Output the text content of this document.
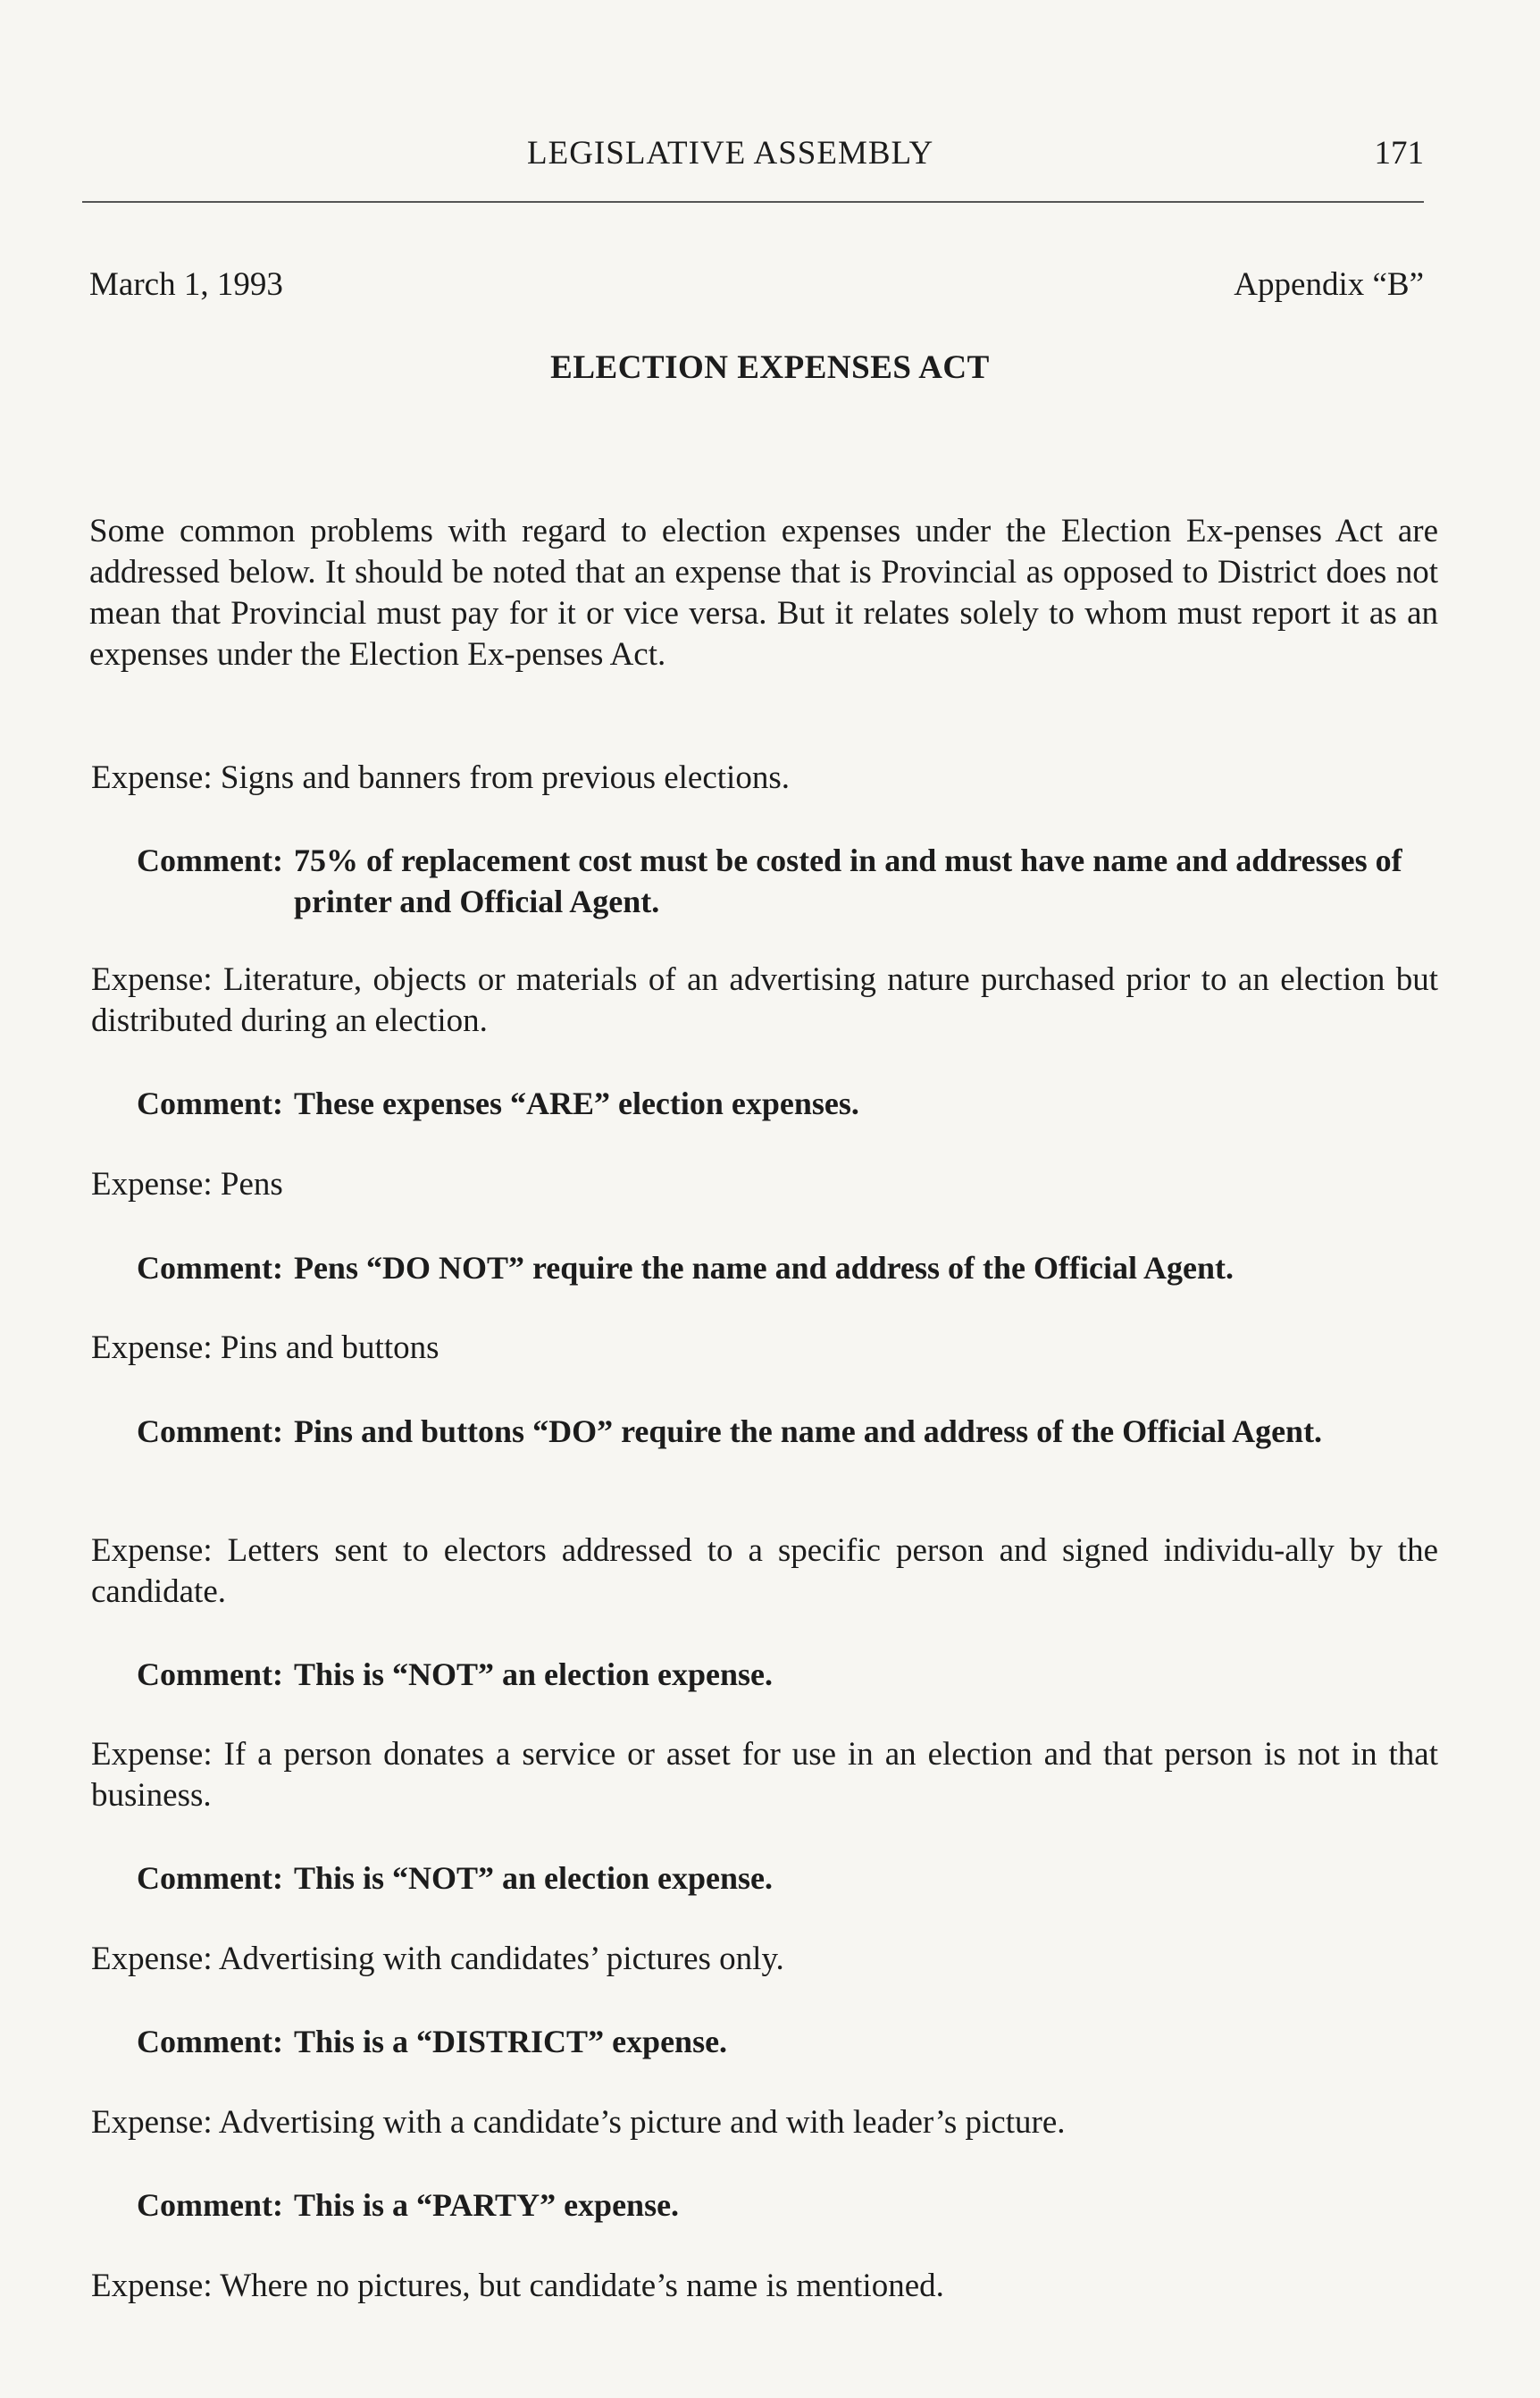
LEGISLATIVE ASSEMBLY	171
March 1, 1993	Appendix “B”
ELECTION EXPENSES ACT
Some common problems with regard to election expenses under the Election Ex-penses Act are addressed below. It should be noted that an expense that is Provincial as opposed to District does not mean that Provincial must pay for it or vice versa. But it relates solely to whom must report it as an expenses under the Election Ex-penses Act.
Expense: Signs and banners from previous elections.
Comment: 75% of replacement cost must be costed in and must have name and addresses of printer and Official Agent.
Expense: Literature, objects or materials of an advertising nature purchased prior to an election but distributed during an election.
Comment: These expenses “ARE” election expenses.
Expense: Pens
Comment: Pens “DO NOT” require the name and address of the Official Agent.
Expense: Pins and buttons
Comment: Pins and buttons “DO” require the name and address of the Official Agent.
Expense: Letters sent to electors addressed to a specific person and signed individu-ally by the candidate.
Comment: This is “NOT” an election expense.
Expense: If a person donates a service or asset for use in an election and that person is not in that business.
Comment: This is “NOT” an election expense.
Expense: Advertising with candidates’ pictures only.
Comment: This is a “DISTRICT” expense.
Expense: Advertising with a candidate’s picture and with leader’s picture.
Comment: This is a “PARTY” expense.
Expense: Where no pictures, but candidate’s name is mentioned.
